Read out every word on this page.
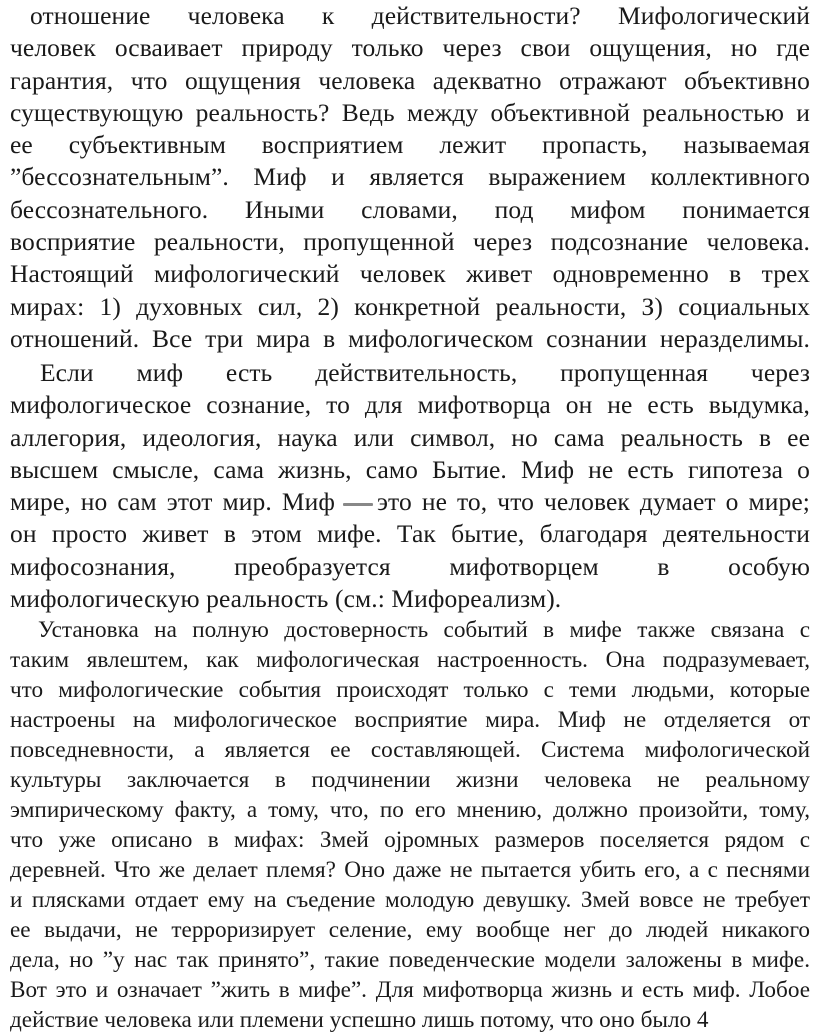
отношение человека к действительности? Мифологический
человек осваивает природу только через свои ощущения, но где
гарантия, что ощущения человека адекватно отражают объективно
существующую реальность? Ведь между объективной реальностью и
ее субъективным восприятием лежит пропасть, называемая
”бессознательным”. Миф и является выражением коллективного
бессознательного. Иными словами, под мифом понимается
восприятие реальности, пропущенной через подсознание человека.
Настоящий мифологический человек живет одновременно в трех
мирах: 1) духовных сил, 2) конкретной реальности, З) социальных
отношений. Все три мира в мифологическом сознании неразделимы.
Если миф есть действительность, пропущенная через
мифологическое сознание, то для мифотворца он не есть выдумка,
аллегория, идеология, наука или символ, но сама реальность в ее
высшем смысле, сама жизнь, само Бытие. Миф не есть гипотеза о
мире, но сам этот мир. Миф это не то, что человек думает о мире;
он просто живет в этом мифе. Так бытие, благодаря деятельности
мифосознания, преобразуется мифотворцем в особую
мифологическую реальность (см.: Мифореализм).
Установка на полную достоверность событий в мифе также связана с
таким явлештем, как мифологическая настроенность. Она подразумевает,
что мифологические события происходят только с теми людьми, которые
настроены на мифологическое восприятие мира. Миф не отделяется от
повседневности, а является ее составляющей. Система мифологической
культуры заключается в подчинении жизни человека не реальному
эмпирическому факту, а тому, что, по его мнению, должно произойти, тому,
что уже описано в мифах: Змей ојромных размеров поселяется рядом с
деревней. Что же делает племя? Оно даже не пытается убить его, а с песнями
и плясками отдает ему на съедение молодую девушку. Змей вовсе не требует
ее выдачи, не терроризирует селение, ему вообще нег до людей никакого
дела, но ”у нас так принято”, такие поведенческие модели заложены в мифе.
Вот это и означает ”жить в мифе”. Для мифотворца жизнь и есть миф. Лобое
действие человека или племени успешно лишь потому, что оно было 4
